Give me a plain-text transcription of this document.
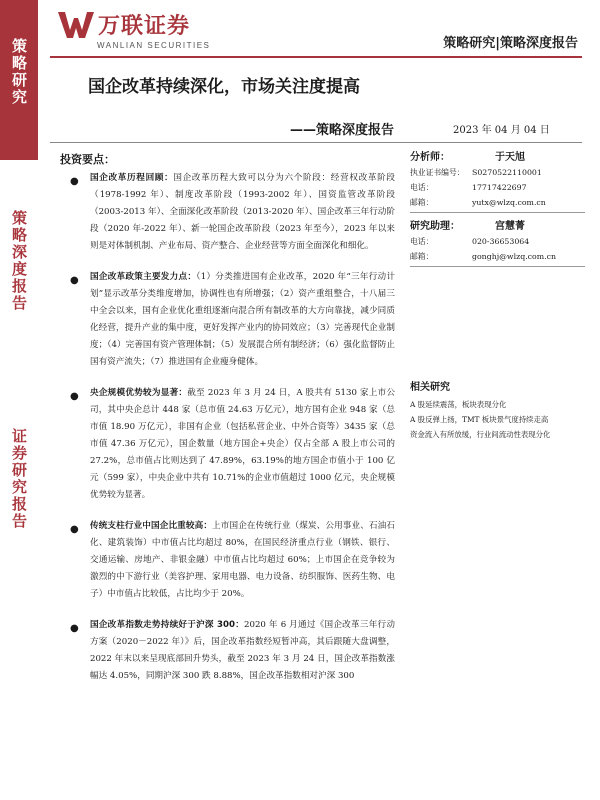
策略研究
策略深度报告
证券研究报告
万联证券
WANLIAN SECURITIES	策略研究|策略深度报告
国企改革持续深化，市场关注度提高
——策略深度报告	2023 年 04 月 04 日
投资要点：
● 国企改革历程回顾：国企改革历程大致可以分为六个阶段：经营权改革阶段（1978-1992 年）、制度改革阶段（1993-2002 年）、国资监管改革阶段（2003-2013 年）、全面深化改革阶段（2013-2020 年）、国企改革三年行动阶段（2020 年-2022 年）、新一轮国企改革阶段（2023 年至今），2023 年以来则是对体制机制、产业布局、资产整合、企业经营等方面全面深化和细化。
● 国企改革政策主要发力点：（1）分类推进国有企业改革，2020 年“三年行动计划”显示改革分类维度增加，协调性也有所增强；（2）资产重组整合，十八届三中全会以来，国有企业优化重组逐渐向混合所有制改革的大方向靠拢，减少同质化经营，提升产业的集中度，更好发挥产业内的协同效应；（3）完善现代企业制度；（4）完善国有资产管理体制；（5）发展混合所有制经济；（6）强化监督防止国有资产流失；（7）推进国有企业瘦身健体。
● 央企规模优势较为显著：截至 2023 年 3 月 24 日，A 股共有 5130 家上市公司，其中央企总计 448 家（总市值 24.63 万亿元），地方国有企业 948 家（总市值 18.90 万亿元），非国有企业（包括私营企业、中外合资等）3435 家（总市值 47.36 万亿元），国企数量（地方国企+央企）仅占全部 A 股上市公司的 27.2%，总市值占比则达到了 47.89%，63.19%的地方国企市值小于 100 亿元（599 家），中央企业中共有 10.71%的企业市值超过 1000 亿元，央企规模优势较为显著。
● 传统支柱行业中国企比重较高：上市国企在传统行业（煤炭、公用事业、石油石化、建筑装饰）中市值占比均超过 80%，在国民经济重点行业（钢铁、银行、交通运输、房地产、非银金融）中市值占比均超过 60%；上市国企在竞争较为激烈的中下游行业（美容护理、家用电器、电力设备、纺织服饰、医药生物、电子）中市值占比较低，占比均少于 20%。
● 国企改革指数走势持续好于沪深 300：2020 年 6 月通过《国企改革三年行动方案（2020－2022 年）》后，国企改革指数经短暂冲高，其后跟随大盘调整，2022 年末以来呈现底部回升势头，截至 2023 年 3 月 24 日，国企改革指数涨幅达 4.05%，同期沪深 300 跌 8.88%，国企改革指数相对沪深 300
分析师：	于天旭
执业证书编号： S0270522110001
电话：	17717422697
邮箱：	yutx@wlzq.com.cn
研究助理：	宫慧菁
电话：	020-36653064
邮箱：	gonghj@wlzq.com.cn
相关研究
A 股延续震荡，板块表现分化
A 股反弹上扬，TMT 板块景气度持续走高
资金流入有所放缓，行业间流动性表现分化
